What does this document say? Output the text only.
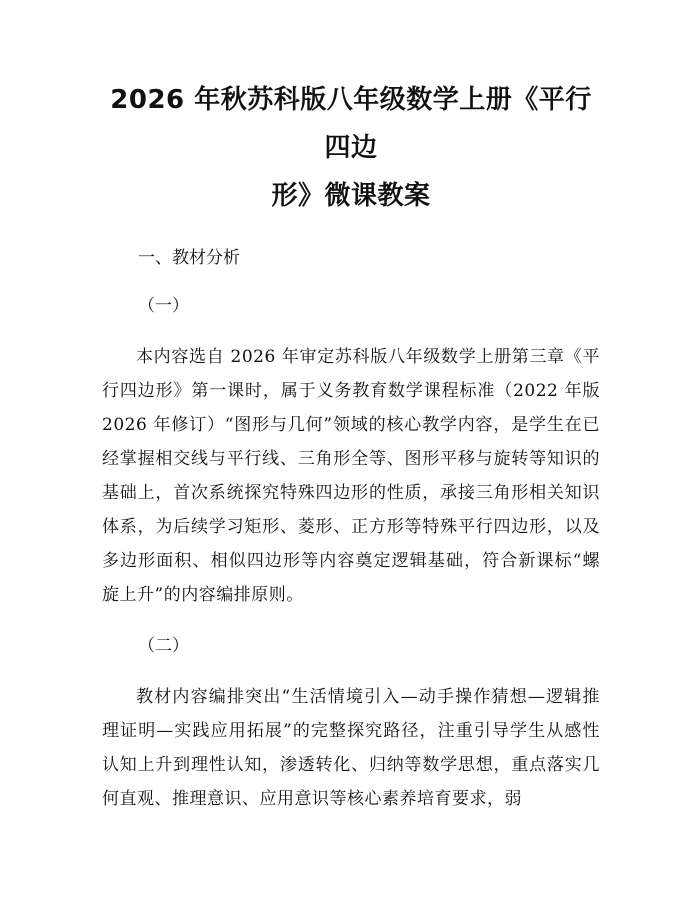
2026 年秋苏科版八年级数学上册《平行四边
形》微课教案

一、教材分析

（一）

本内容选自 2026 年审定苏科版八年级数学上册第三章《平行四边形》第一课时，属于义务教育数学课程标准（2022 年版 2026 年修订）“图形与几何”领域的核心教学内容，是学生在已经掌握相交线与平行线、三角形全等、图形平移与旋转等知识的基础上，首次系统探究特殊四边形的性质，承接三角形相关知识体系，为后续学习矩形、菱形、正方形等特殊平行四边形，以及多边形面积、相似四边形等内容奠定逻辑基础，符合新课标“螺旋上升”的内容编排原则。

（二）

教材内容编排突出“生活情境引入—动手操作猜想—逻辑推理证明—实践应用拓展”的完整探究路径，注重引导学生从感性认知上升到理性认知，渗透转化、归纳等数学思想，重点落实几何直观、推理意识、应用意识等核心素养培育要求，弱
